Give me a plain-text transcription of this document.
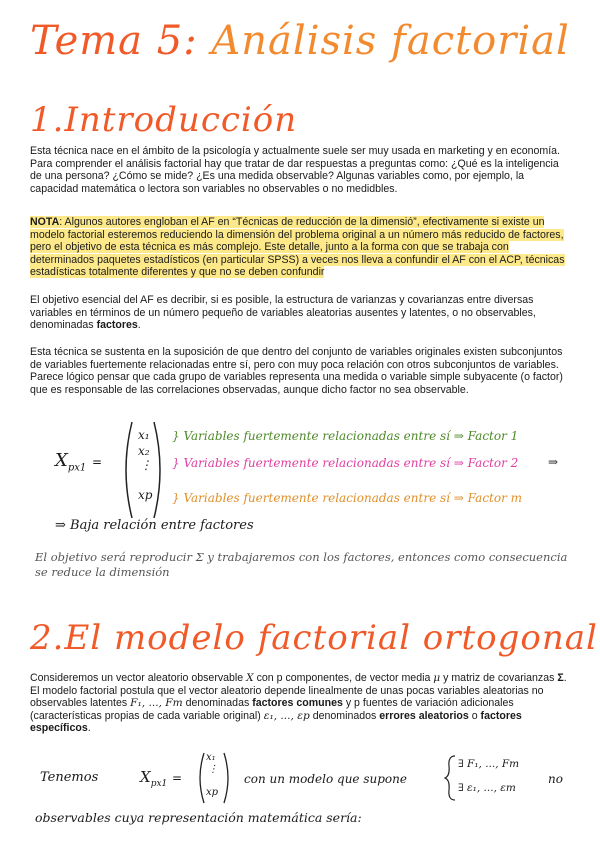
Tema 5: Análisis factorial
1.Introducción
Esta técnica nace en el ámbito de la psicología y actualmente suele ser muy usada en marketing y en economía. Para comprender el análisis factorial hay que tratar de dar respuestas a preguntas como: ¿Qué es la inteligencia de una persona? ¿Cómo se mide? ¿Es una medida observable? Algunas variables como, por ejemplo, la capacidad matemática o lectora son variables no observables o no medidbles.
NOTA: Algunos autores engloban el AF en “Técnicas de reducción de la dimensió”, efectivamente si existe un modelo factorial esteremos reduciendo la dimensión del problema original a un número más reducido de factores, pero el objetivo de esta técnica es más complejo. Este detalle, junto a la forma con que se trabaja con determinados paquetes estadísticos (en particular SPSS) a veces nos lleva a confundir el AF con el ACP, técnicas estadísticas totalmente diferentes y que no se deben confundir
El objetivo esencial del AF es decribir, si es posible, la estructura de varianzas y covarianzas entre diversas variables en términos de un número pequeño de variables aleatorias ausentes y latentes, o no observables, denominadas factores.
Esta técnica se sustenta en la suposición de que dentro del conjunto de variables originales existen subconjuntos de variables fuertemente relacionadas entre sí, pero con muy poca relación con otros subconjuntos de variables. Parece lógico pensar que cada grupo de variables representa una medida o variable simple subyacente (o factor) que es responsable de las correlaciones observadas, aunque dicho factor no sea observable.
$X_{px1}$ =
x₁
x₂
⋮
xp
} Variables fuertemente relacionadas entre sí ⇒ Factor 1
} Variables fuertemente relacionadas entre sí ⇒ Factor 2
} Variables fuertemente relacionadas entre sí ⇒ Factor m
⇒
⇒ Baja relación entre factores
El objetivo será reproducir Σ y trabajaremos con los factores, entonces como consecuencia se reduce la dimensión
2.El modelo factorial ortogonal
Consideremos un vector aleatorio observable X con p componentes, de vector media μ y matriz de covarianzas Σ. El modelo factorial postula que el vector aleatorio depende linealmente de unas pocas variables aleatorias no observables latentes F₁, ..., Fm denominadas factores comunes y p fuentes de variación adicionales (características propias de cada variable original) ε₁, ..., εp denominados errores aleatorios o factores específicos.
Tenemos	$X_{px1}$ =
x₁
⋮
xp
con un modelo que supone
∃ F₁, ..., Fm
∃ ε₁, ..., εm
no
observables cuya representación matemática sería:
